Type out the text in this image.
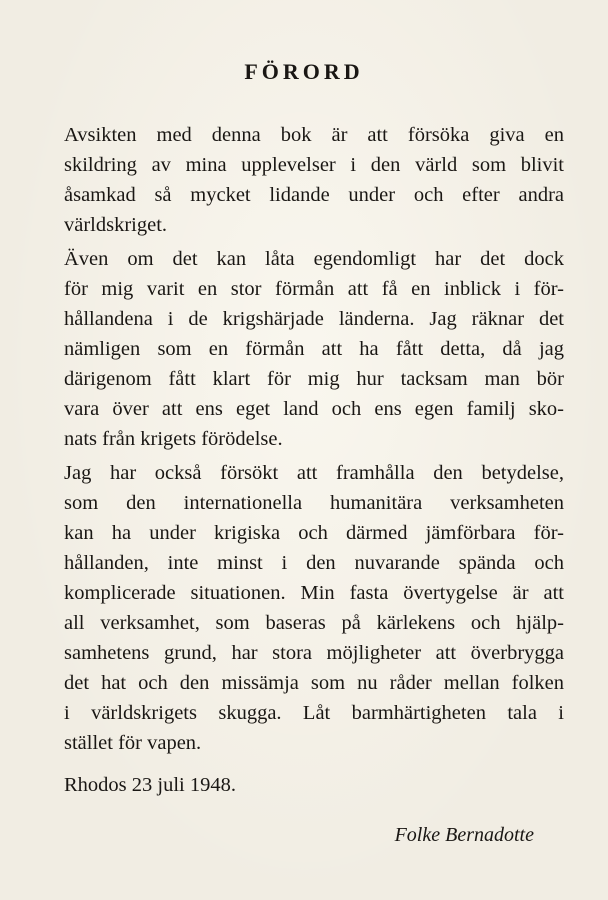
FÖRORD
Avsikten med denna bok är att försöka giva en
skildring av mina upplevelser i den värld som blivit
åsamkad så mycket lidande under och efter andra
världskriget.
Även om det kan låta egendomligt har det dock
för mig varit en stor förmån att få en inblick i för-
hållandena i de krigshärjade länderna. Jag räknar det
nämligen som en förmån att ha fått detta, då jag
därigenom fått klart för mig hur tacksam man bör
vara över att ens eget land och ens egen familj sko-
nats från krigets förödelse.
Jag har också försökt att framhålla den betydelse,
som den internationella humanitära verksamheten
kan ha under krigiska och därmed jämförbara för-
hållanden, inte minst i den nuvarande spända och
komplicerade situationen. Min fasta övertygelse är att
all verksamhet, som baseras på kärlekens och hjälp-
samhetens grund, har stora möjligheter att överbrygga
det hat och den missämja som nu råder mellan folken
i världskrigets skugga. Låt barmhärtigheten tala i
stället för vapen.
Rhodos 23 juli 1948.
Folke Bernadotte
